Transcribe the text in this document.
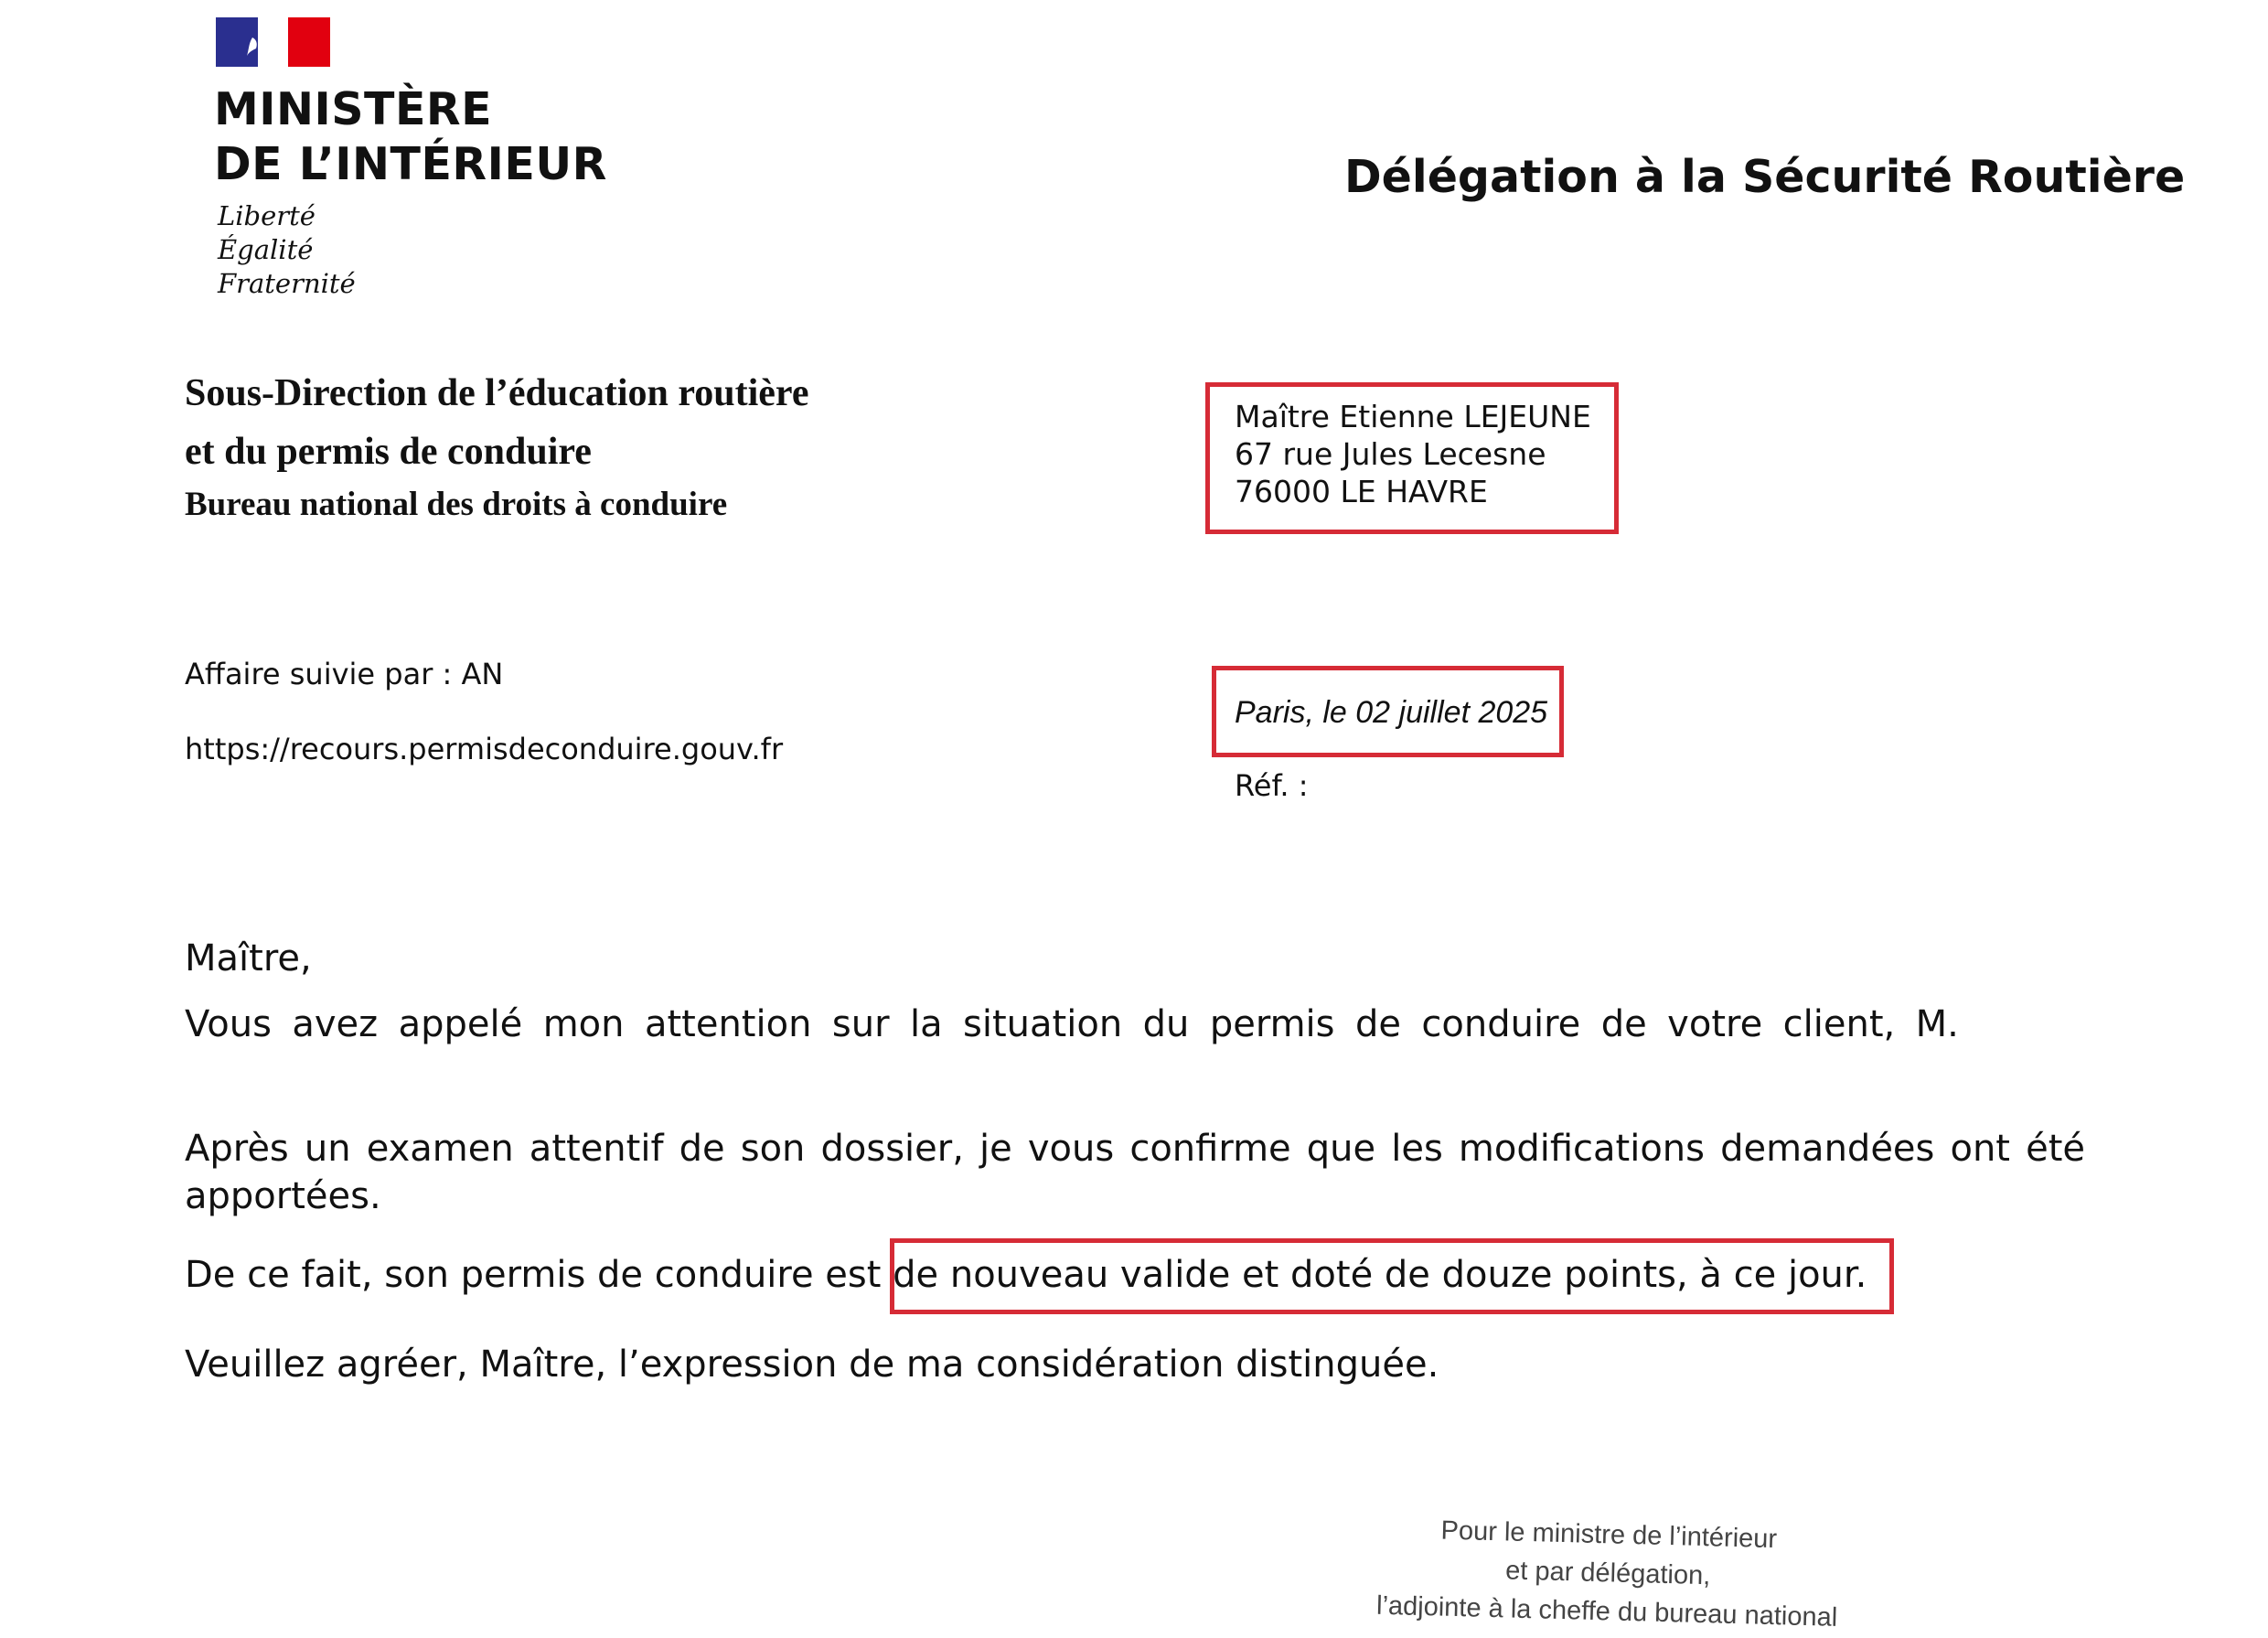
MINISTÈRE
DE L’INTÉRIEUR
Liberté
Égalité
Fraternité
Délégation à la Sécurité Routière
Sous-Direction de l’éducation routière
et du permis de conduire
Bureau national des droits à conduire
Maître Etienne LEJEUNE
67 rue Jules Lecesne
76000 LE HAVRE
Affaire suivie par : AN
https://recours.permisdeconduire.gouv.fr
Paris, le 02 juillet 2025
Réf. :
Maître,
Vous avez appelé mon attention sur la situation du permis de conduire de votre client, M.
Après un examen attentif de son dossier, je vous confirme que les modifications demandées ont été apportées.
De ce fait, son permis de conduire est de nouveau valide et doté de douze points, à ce jour.
Veuillez agréer, Maître, l’expression de ma considération distinguée.
Pour le ministre de l’intérieur
et par délégation,
l’adjointe à la cheffe du bureau national
